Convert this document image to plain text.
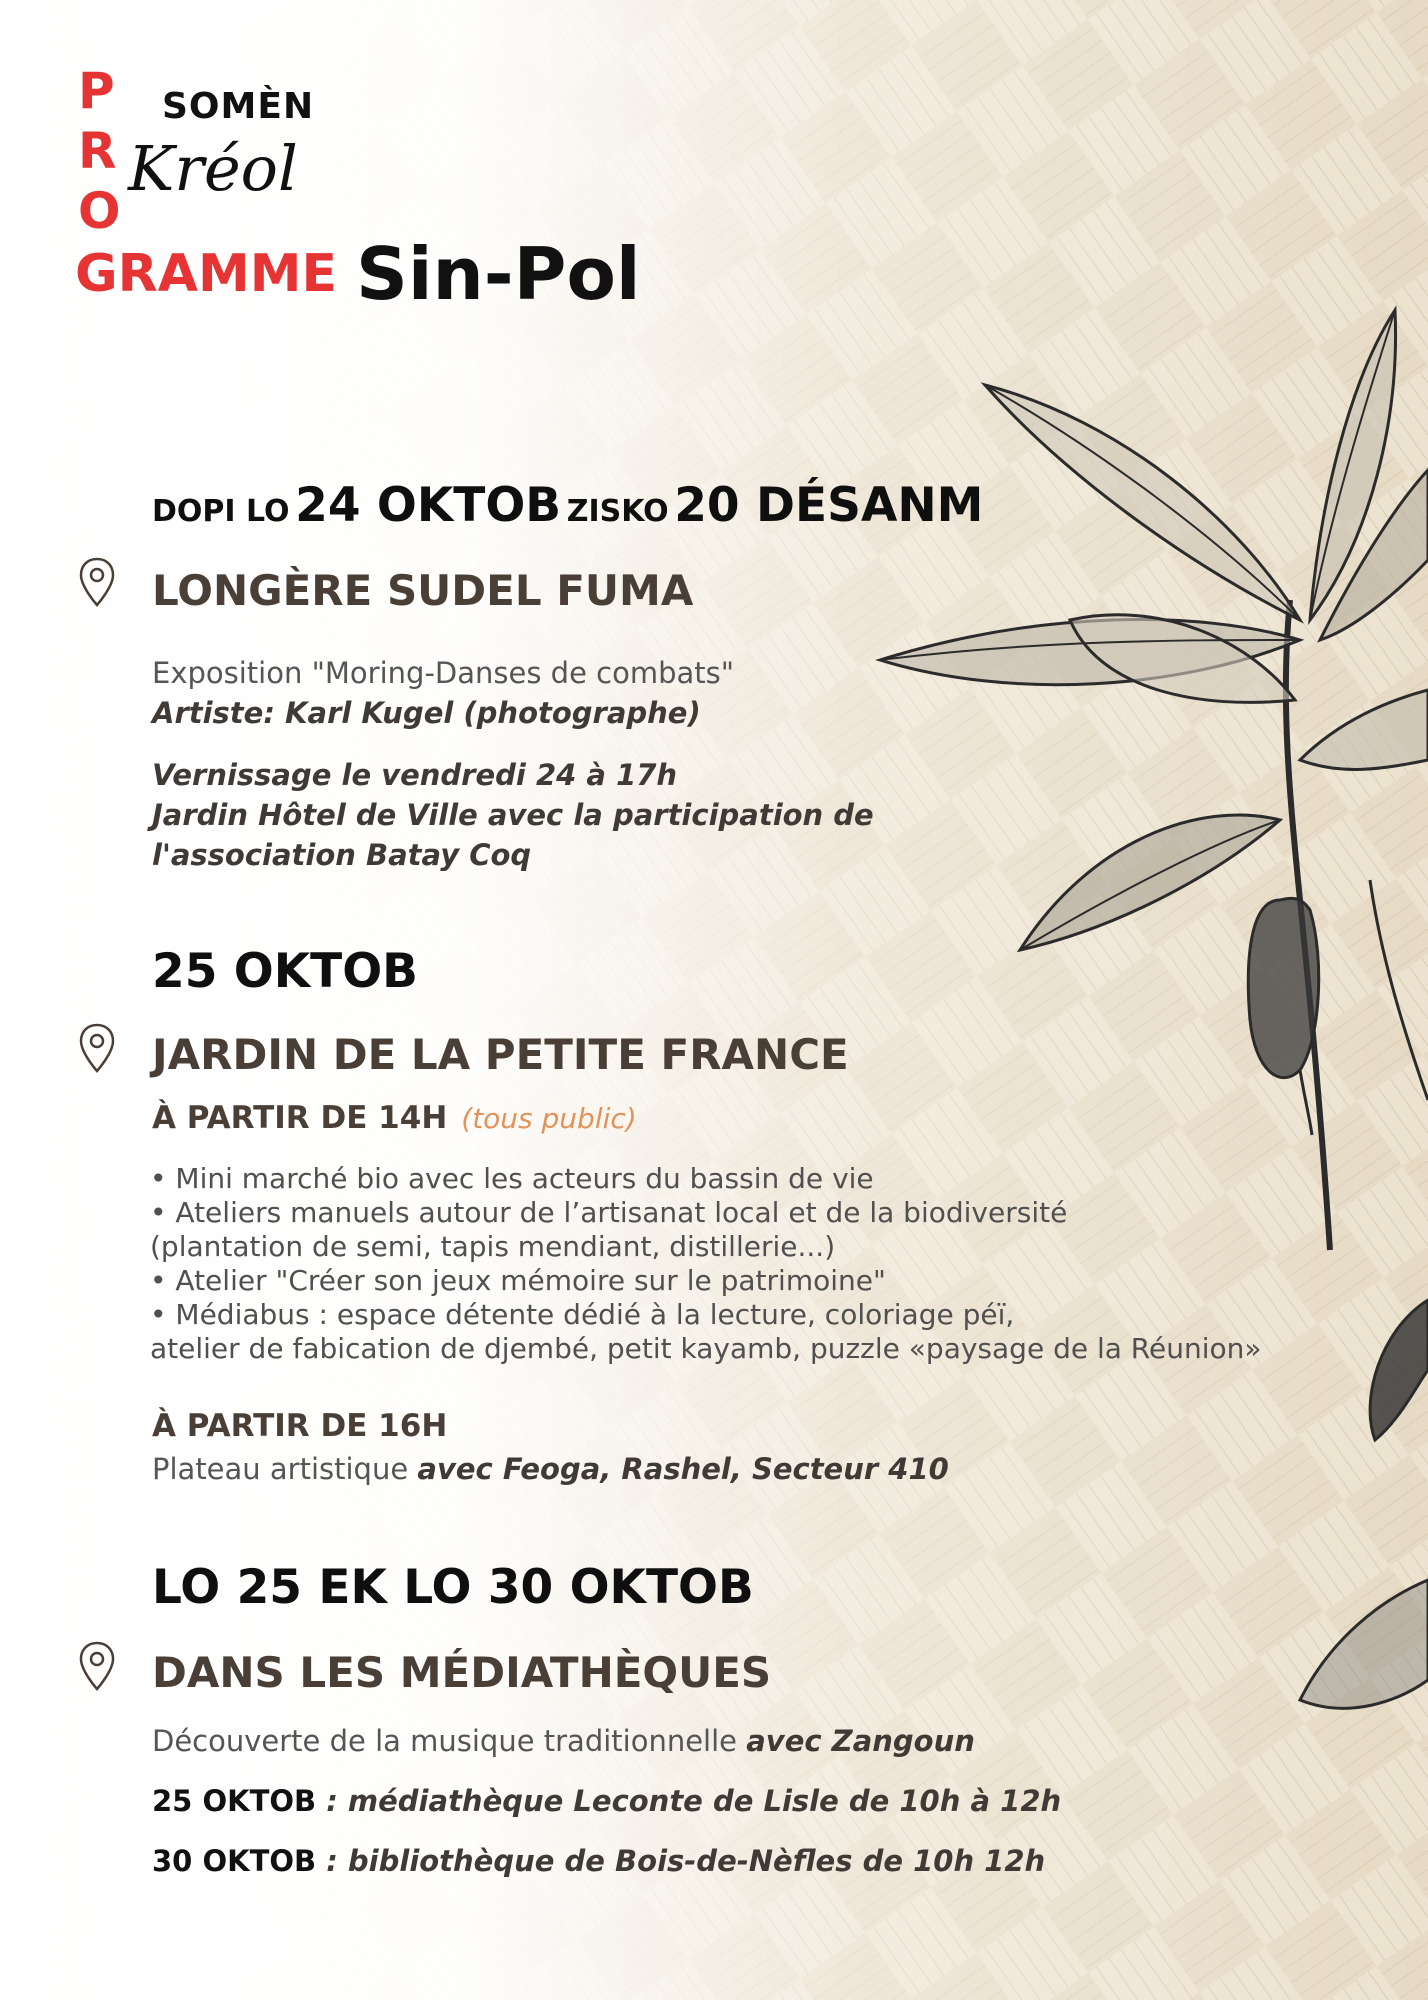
P
R
O
SOMÈN
Kréol
GRAMME Sin-Pol
DOPI LO 24 OKTOB ZISKO 20 DÉSANM
LONGÈRE SUDEL FUMA
Exposition "Moring-Danses de combats"
Artiste: Karl Kugel (photographe)
Vernissage le vendredi 24 à 17h
Jardin Hôtel de Ville avec la participation de
l'association Batay Coq
25 OKTOB
JARDIN DE LA PETITE FRANCE
À PARTIR DE 14H (tous public)
• Mini marché bio avec les acteurs du bassin de vie
• Ateliers manuels autour de l’artisanat local et de la biodiversité
(plantation de semi, tapis mendiant, distillerie...)
• Atelier "Créer son jeux mémoire sur le patrimoine"
• Médiabus : espace détente dédié à la lecture, coloriage péï,
atelier de fabication de djembé, petit kayamb, puzzle «paysage de la Réunion»
À PARTIR DE 16H
Plateau artistique avec Feoga, Rashel, Secteur 410
LO 25 EK LO 30 OKTOB
DANS LES MÉDIATHÈQUES
Découverte de la musique traditionnelle avec Zangoun
25 OKTOB : médiathèque Leconte de Lisle de 10h à 12h
30 OKTOB : bibliothèque de Bois-de-Nèfles de 10h 12h
